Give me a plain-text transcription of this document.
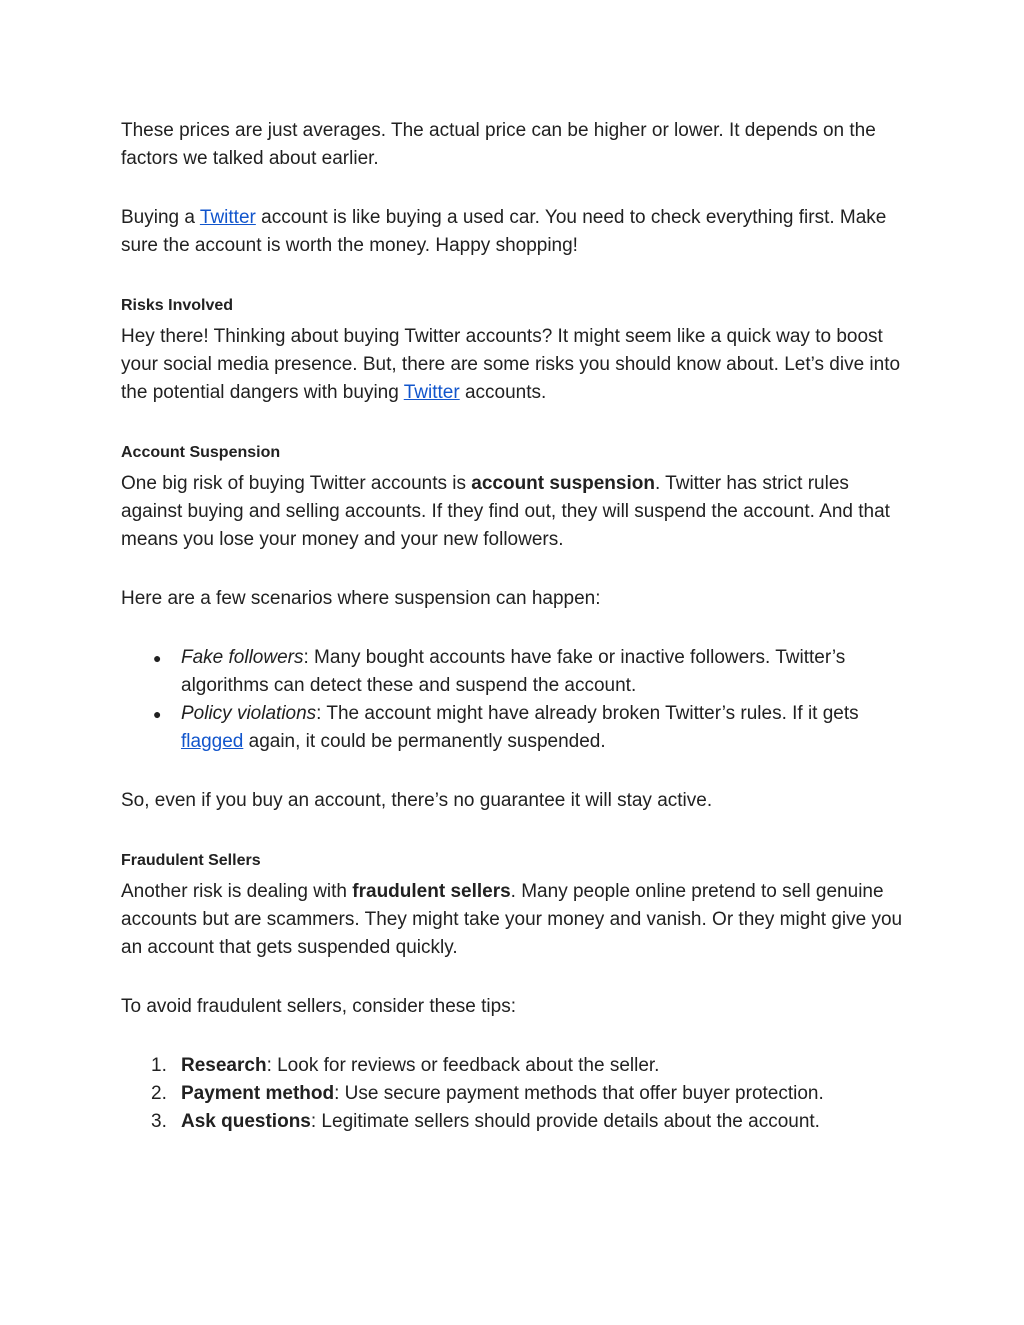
These prices are just averages. The actual price can be higher or lower. It depends on the factors we talked about earlier.

Buying a Twitter account is like buying a used car. You need to check everything first. Make sure the account is worth the money. Happy shopping!

Risks Involved

Hey there! Thinking about buying Twitter accounts? It might seem like a quick way to boost your social media presence. But, there are some risks you should know about. Let’s dive into the potential dangers with buying Twitter accounts.

Account Suspension

One big risk of buying Twitter accounts is account suspension. Twitter has strict rules against buying and selling accounts. If they find out, they will suspend the account. And that means you lose your money and your new followers.

Here are a few scenarios where suspension can happen:

● Fake followers: Many bought accounts have fake or inactive followers. Twitter’s algorithms can detect these and suspend the account.
● Policy violations: The account might have already broken Twitter’s rules. If it gets flagged again, it could be permanently suspended.

So, even if you buy an account, there’s no guarantee it will stay active.

Fraudulent Sellers

Another risk is dealing with fraudulent sellers. Many people online pretend to sell genuine accounts but are scammers. They might take your money and vanish. Or they might give you an account that gets suspended quickly.

To avoid fraudulent sellers, consider these tips:

1. Research: Look for reviews or feedback about the seller.
2. Payment method: Use secure payment methods that offer buyer protection.
3. Ask questions: Legitimate sellers should provide details about the account.
